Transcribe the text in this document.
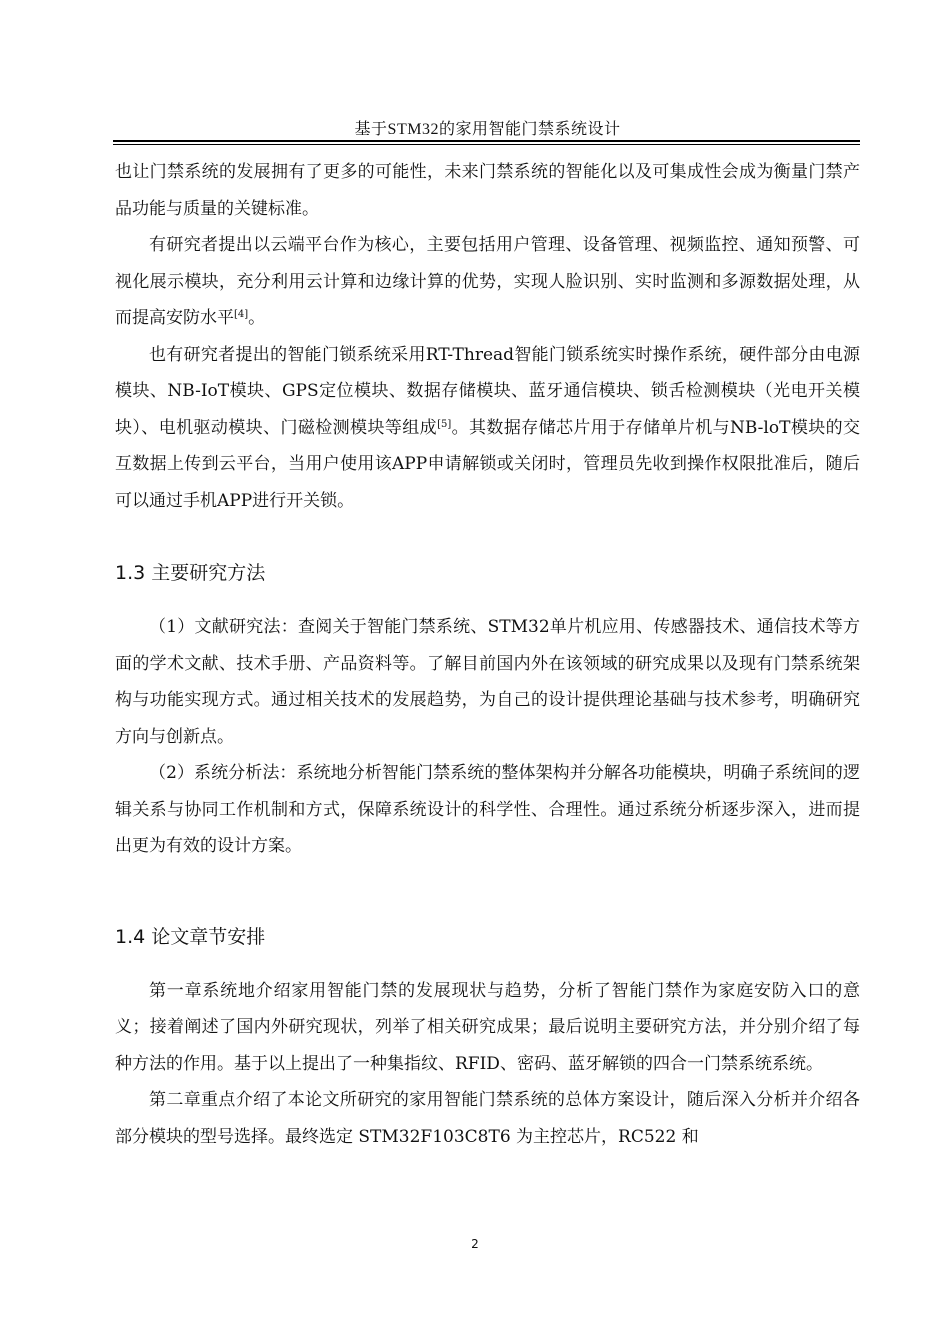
基于STM32的家用智能门禁系统设计

也让门禁系统的发展拥有了更多的可能性，未来门禁系统的智能化以及可集成性会成为衡量门禁产品功能与质量的关键标准。

有研究者提出以云端平台作为核心，主要包括用户管理、设备管理、视频监控、通知预警、可视化展示模块，充分利用云计算和边缘计算的优势，实现人脸识别、实时监测和多源数据处理，从而提高安防水平[4]。

也有研究者提出的智能门锁系统采用RT-Thread智能门锁系统实时操作系统，硬件部分由电源模块、NB-IoT模块、GPS定位模块、数据存储模块、蓝牙通信模块、锁舌检测模块（光电开关模块）、电机驱动模块、门磁检测模块等组成[5]。其数据存储芯片用于存储单片机与NB-loT模块的交互数据上传到云平台，当用户使用该APP申请解锁或关闭时，管理员先收到操作权限批准后，随后可以通过手机APP进行开关锁。

1.3 主要研究方法

（1）文献研究法：查阅关于智能门禁系统、STM32单片机应用、传感器技术、通信技术等方面的学术文献、技术手册、产品资料等。了解目前国内外在该领域的研究成果以及现有门禁系统架构与功能实现方式。通过相关技术的发展趋势，为自己的设计提供理论基础与技术参考，明确研究方向与创新点。

（2）系统分析法：系统地分析智能门禁系统的整体架构并分解各功能模块，明确子系统间的逻辑关系与协同工作机制和方式，保障系统设计的科学性、合理性。通过系统分析逐步深入，进而提出更为有效的设计方案。

1.4 论文章节安排

第一章系统地介绍家用智能门禁的发展现状与趋势，分析了智能门禁作为家庭安防入口的意义；接着阐述了国内外研究现状，列举了相关研究成果；最后说明主要研究方法，并分别介绍了每种方法的作用。基于以上提出了一种集指纹、RFID、密码、蓝牙解锁的四合一门禁系统系统。

第二章重点介绍了本论文所研究的家用智能门禁系统的总体方案设计，随后深入分析并介绍各部分模块的型号选择。最终选定 STM32F103C8T6 为主控芯片，RC522 和

2
